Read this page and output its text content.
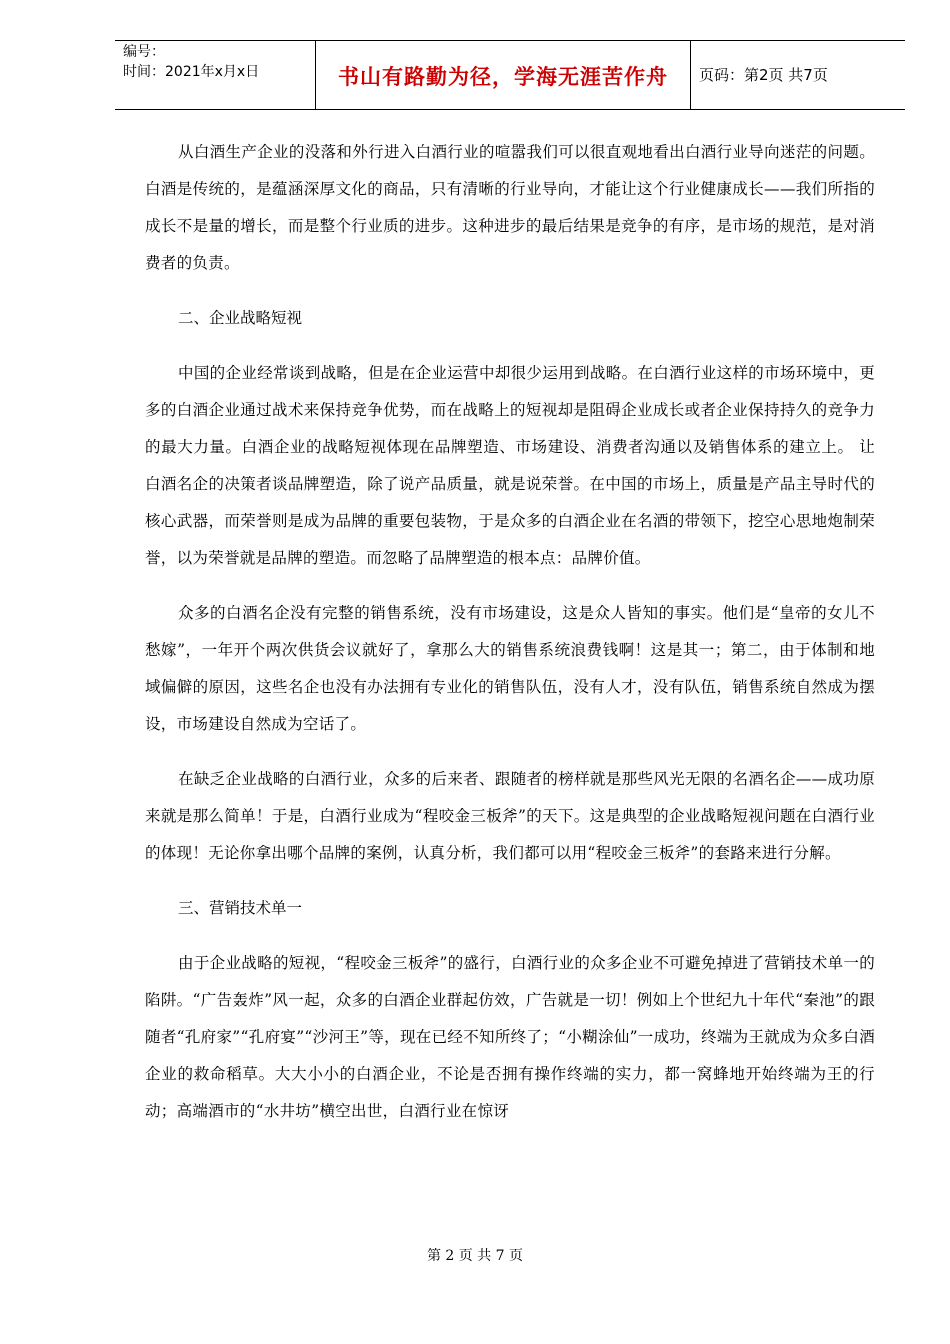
编号：
时间：2021年x月x日	书山有路勤为径，学海无涯苦作舟	页码：第2页 共7页

从白酒生产企业的没落和外行进入白酒行业的喧嚣我们可以很直观地看出白酒行业导向迷茫的问题。白酒是传统的，是蕴涵深厚文化的商品，只有清晰的行业导向，才能让这个行业健康成长——我们所指的成长不是量的增长，而是整个行业质的进步。这种进步的最后结果是竞争的有序，是市场的规范，是对消费者的负责。

二、企业战略短视

中国的企业经常谈到战略，但是在企业运营中却很少运用到战略。在白酒行业这样的市场环境中，更多的白酒企业通过战术来保持竞争优势，而在战略上的短视却是阻碍企业成长或者企业保持持久的竞争力的最大力量。白酒企业的战略短视体现在品牌塑造、市场建设、消费者沟通以及销售体系的建立上。 让白酒名企的决策者谈品牌塑造，除了说产品质量，就是说荣誉。在中国的市场上，质量是产品主导时代的核心武器，而荣誉则是成为品牌的重要包装物，于是众多的白酒企业在名酒的带领下，挖空心思地炮制荣誉，以为荣誉就是品牌的塑造。而忽略了品牌塑造的根本点：品牌价值。

众多的白酒名企没有完整的销售系统，没有市场建设，这是众人皆知的事实。他们是“皇帝的女儿不愁嫁”，一年开个两次供货会议就好了，拿那么大的销售系统浪费钱啊！这是其一；第二，由于体制和地域偏僻的原因，这些名企也没有办法拥有专业化的销售队伍，没有人才，没有队伍，销售系统自然成为摆设，市场建设自然成为空话了。

在缺乏企业战略的白酒行业，众多的后来者、跟随者的榜样就是那些风光无限的名酒名企——成功原来就是那么简单！于是，白酒行业成为“程咬金三板斧”的天下。这是典型的企业战略短视问题在白酒行业的体现！无论你拿出哪个品牌的案例，认真分析，我们都可以用“程咬金三板斧”的套路来进行分解。

三、营销技术单一

由于企业战略的短视，“程咬金三板斧”的盛行，白酒行业的众多企业不可避免掉进了营销技术单一的陷阱。“广告轰炸”风一起，众多的白酒企业群起仿效，广告就是一切！例如上个世纪九十年代“秦池”的跟随者“孔府家”“孔府宴”“沙河王”等，现在已经不知所终了；“小糊涂仙”一成功，终端为王就成为众多白酒企业的救命稻草。大大小小的白酒企业，不论是否拥有操作终端的实力，都一窝蜂地开始终端为王的行动；高端酒市的“水井坊”横空出世，白酒行业在惊讶

第 2 页 共 7 页
